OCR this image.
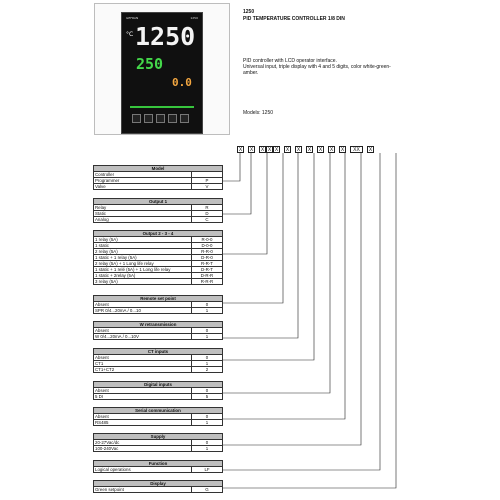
GEFRAN	1250
°C 1250
250
0.0
1250
PID TEMPERATURE CONTROLLER 1/8 DIN
PID controller with LCD operator interface.
Universal input, triple display with 4 and 5 digits, color white-green-
amber.
Models: 1250
X	X	X X X	X	X	X	X	X	X	XX	X
Model	
Controller	
Programmer	P
Valve	V
Output 1	
Relay	R
Static	D
Analog	C
Output 2 - 3 - 4	
1 relay (5A)	R-0-0
1 static	D-0-0
2 relay (5A)	R-R-0
1 static + 1 relay (5A)	D-R-0
2 relay (5A) + 1 Long life relay	R-R-T
1 static + 1 relé (5A) + 1 Long life relay	D-R-T
1 static + 2relay (5A)	D-R-R
3 relay (5A)	R-R-R
Remote set point	
Absent	0
SPR 0/4...20mA / 0...10	1
W retransmission	
Absent	0
W 0/4...20mA / 0...10V	1
CT inputs	
Absent	0
CT1	1
CT1+CT2	2
Digital inputs	
Absent	0
5 DI	5
Serial communication	
Absent	0
RS485	1
Supply	
20-27Vac/dc	0
100-240Vac	1
Function
Logical operations	LF
Display
Green setpoint	G
